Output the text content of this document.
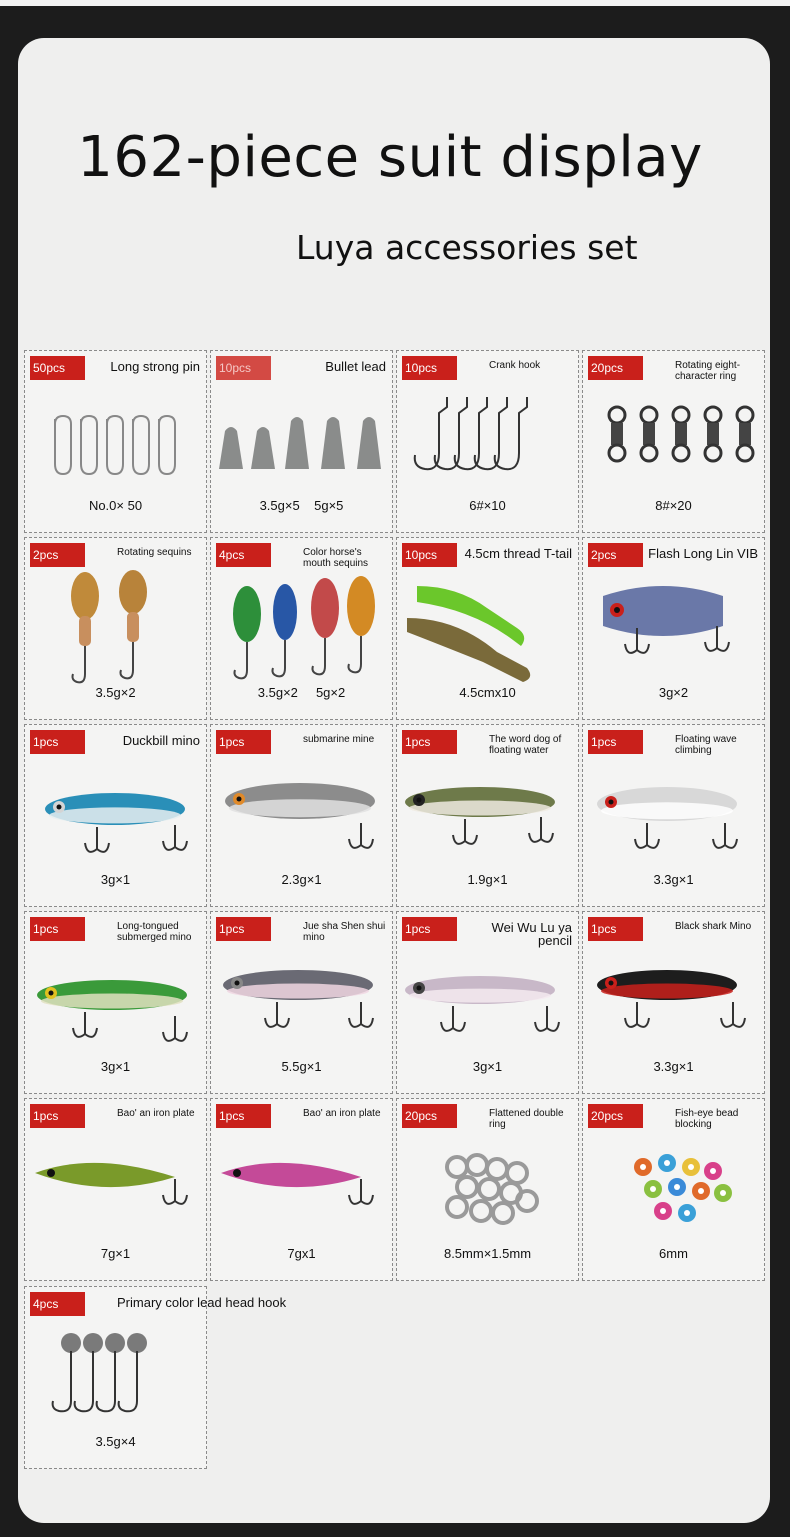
162-piece suit display
Luya accessories set
50pcs	Long strong pin
No.0× 50
10pcs	Bullet lead
3.5g×5    5g×5
10pcs	Crank hook
6#×10
20pcs	Rotating eight-character ring
8#×20
2pcs	Rotating sequins
3.5g×2
4pcs	Color horse's mouth sequins
3.5g×2     5g×2
10pcs	4.5cm thread T-tail
4.5cmx10
2pcs	Flash Long Lin VIB
3g×2
1pcs	Duckbill mino
3g×1
1pcs	submarine mine
2.3g×1
1pcs	The word dog of floating water
1.9g×1
1pcs	Floating wave climbing
3.3g×1
1pcs	Long-tongued submerged mino
3g×1
1pcs	Jue sha Shen shui mino
5.5g×1
1pcs	Wei Wu Lu ya pencil
3g×1
1pcs	Black shark Mino
3.3g×1
1pcs	Bao' an iron plate
7g×1
1pcs	Bao' an iron plate
7gx1
20pcs	Flattened double ring
8.5mm×1.5mm
20pcs	Fish-eye bead blocking
6mm
4pcs	Primary color lead head hook
3.5g×4
